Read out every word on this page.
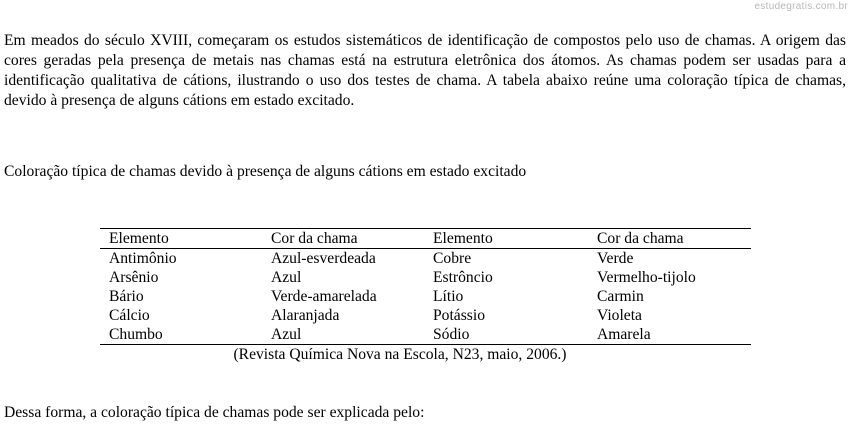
estudegratis.com.br

Em meados do século XVIII, começaram os estudos sistemáticos de identificação de compostos pelo uso de chamas. A origem das cores geradas pela presença de metais nas chamas está na estrutura eletrônica dos átomos. As chamas podem ser usadas para a identificação qualitativa de cátions, ilustrando o uso dos testes de chama. A tabela abaixo reúne uma coloração típica de chamas, devido à presença de alguns cátions em estado excitado.

Coloração típica de chamas devido à presença de alguns cátions em estado excitado

Elemento	Cor da chama	Elemento	Cor da chama
Antimônio	Azul-esverdeada	Cobre	Verde
Arsênio	Azul	Estrôncio	Vermelho-tijolo
Bário	Verde-amarelada	Lítio	Carmin
Cálcio	Alaranjada	Potássio	Violeta
Chumbo	Azul	Sódio	Amarela

(Revista Química Nova na Escola, N23, maio, 2006.)

Dessa forma, a coloração típica de chamas pode ser explicada pelo:
